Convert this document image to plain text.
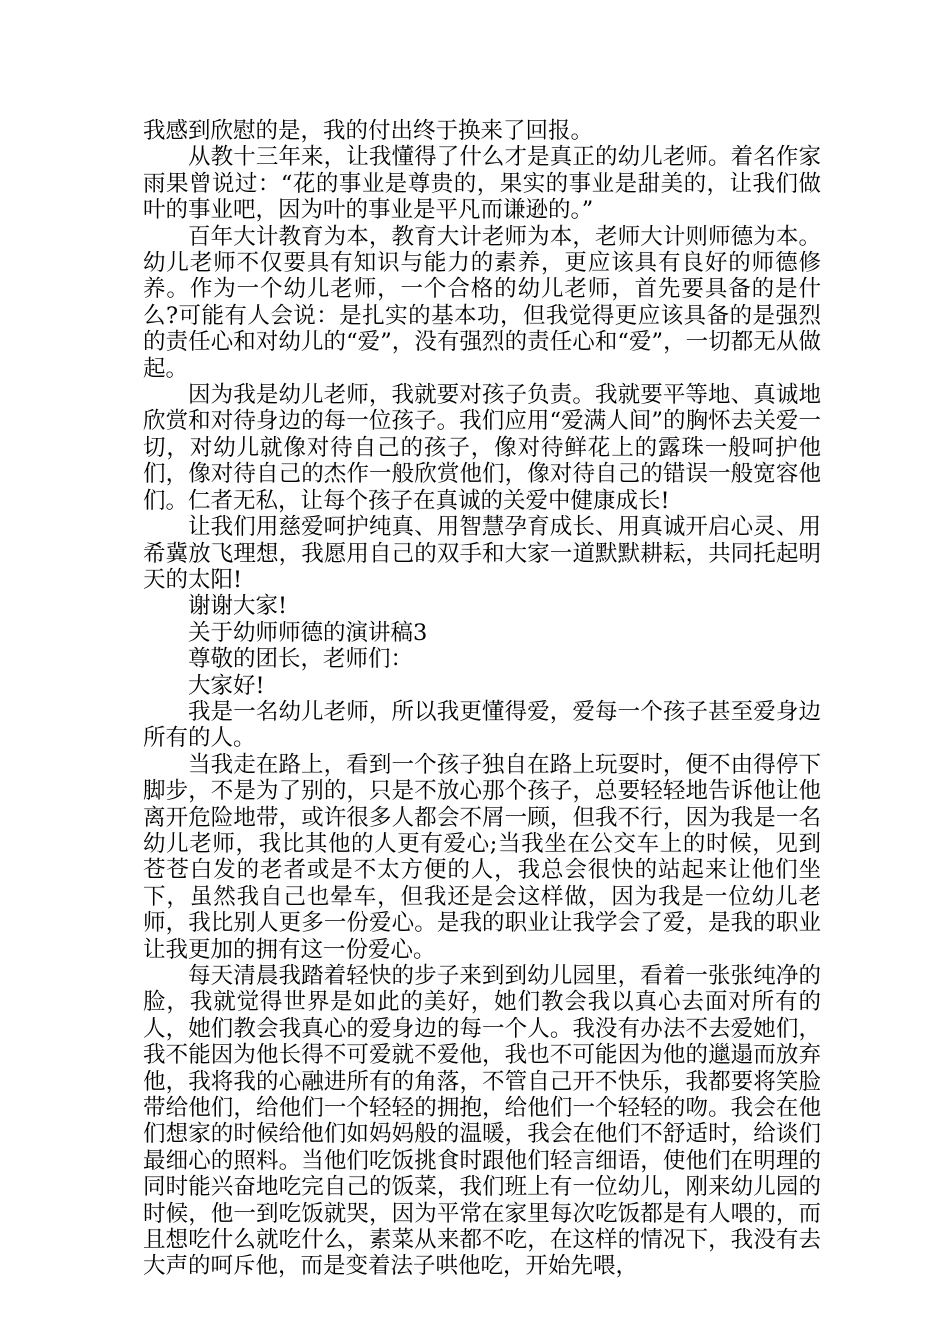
我感到欣慰的是，我的付出终于换来了回报。

从教十三年来，让我懂得了什么才是真正的幼儿老师。着名作家雨果曾说过：“花的事业是尊贵的，果实的事业是甜美的，让我们做叶的事业吧，因为叶的事业是平凡而谦逊的。”

百年大计教育为本，教育大计老师为本，老师大计则师德为本。幼儿老师不仅要具有知识与能力的素养，更应该具有良好的师德修养。作为一个幼儿老师，一个合格的幼儿老师，首先要具备的是什么?可能有人会说：是扎实的基本功，但我觉得更应该具备的是强烈的责任心和对幼儿的“爱”，没有强烈的责任心和“爱”，一切都无从做起。

因为我是幼儿老师，我就要对孩子负责。我就要平等地、真诚地欣赏和对待身边的每一位孩子。我们应用“爱满人间”的胸怀去关爱一切，对幼儿就像对待自己的孩子，像对待鲜花上的露珠一般呵护他们，像对待自己的杰作一般欣赏他们，像对待自己的错误一般宽容他们。仁者无私，让每个孩子在真诚的关爱中健康成长!

让我们用慈爱呵护纯真、用智慧孕育成长、用真诚开启心灵、用希冀放飞理想，我愿用自己的双手和大家一道默默耕耘，共同托起明天的太阳!

谢谢大家!

关于幼师师德的演讲稿3

尊敬的团长，老师们：

大家好!

我是一名幼儿老师，所以我更懂得爱，爱每一个孩子甚至爱身边所有的人。

当我走在路上，看到一个孩子独自在路上玩耍时，便不由得停下脚步，不是为了别的，只是不放心那个孩子，总要轻轻地告诉他让他离开危险地带，或许很多人都会不屑一顾，但我不行，因为我是一名幼儿老师，我比其他的人更有爱心;当我坐在公交车上的时候，见到苍苍白发的老者或是不太方便的人，我总会很快的站起来让他们坐下，虽然我自己也晕车，但我还是会这样做，因为我是一位幼儿老师，我比别人更多一份爱心。是我的职业让我学会了爱，是我的职业让我更加的拥有这一份爱心。

每天清晨我踏着轻快的步子来到到幼儿园里，看着一张张纯净的脸，我就觉得世界是如此的美好，她们教会我以真心去面对所有的人，她们教会我真心的爱身边的每一个人。我没有办法不去爱她们，我不能因为他长得不可爱就不爱他，我也不可能因为他的邋遢而放弃他，我将我的心融进所有的角落，不管自己开不快乐，我都要将笑脸带给他们，给他们一个轻轻的拥抱，给他们一个轻轻的吻。我会在他们想家的时候给他们如妈妈般的温暖，我会在他们不舒适时，给谈们最细心的照料。当他们吃饭挑食时跟他们轻言细语，使他们在明理的同时能兴奋地吃完自己的饭菜，我们班上有一位幼儿，刚来幼儿园的时候，他一到吃饭就哭，因为平常在家里每次吃饭都是有人喂的，而且想吃什么就吃什么，素菜从来都不吃，在这样的情况下，我没有去大声的呵斥他，而是变着法子哄他吃，开始先喂，
